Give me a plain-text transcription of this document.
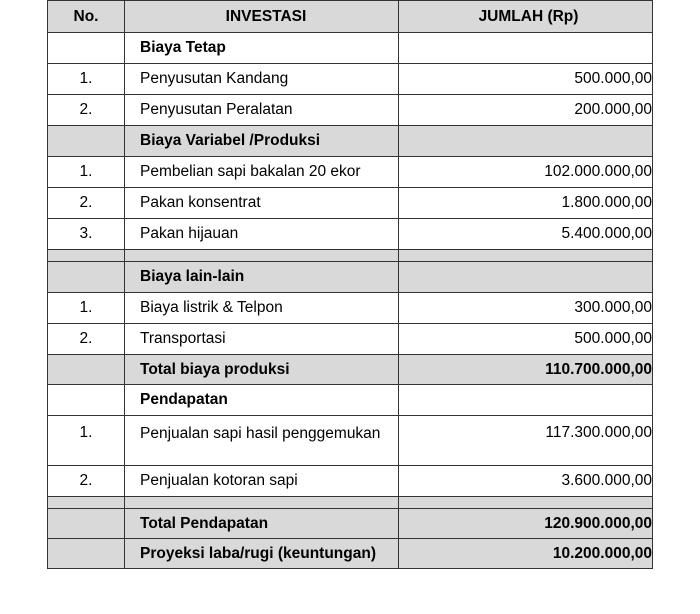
No.	INVESTASI	JUMLAH (Rp)
	Biaya Tetap	
1.	Penyusutan Kandang	500.000,00
2.	Penyusutan Peralatan	200.000,00
	Biaya Variabel /Produksi	
1.	Pembelian sapi bakalan 20 ekor	102.000.000,00
2.	Pakan konsentrat	1.800.000,00
3.	Pakan hijauan	5.400.000,00

	Biaya lain-lain	
1.	Biaya listrik & Telpon	300.000,00
2.	Transportasi	500.000,00
	Total biaya produksi	110.700.000,00
	Pendapatan	
1.	Penjualan sapi hasil penggemukan	117.300.000,00
2.	Penjualan kotoran sapi	3.600.000,00

	Total Pendapatan	120.900.000,00
	Proyeksi laba/rugi (keuntungan)	10.200.000,00
